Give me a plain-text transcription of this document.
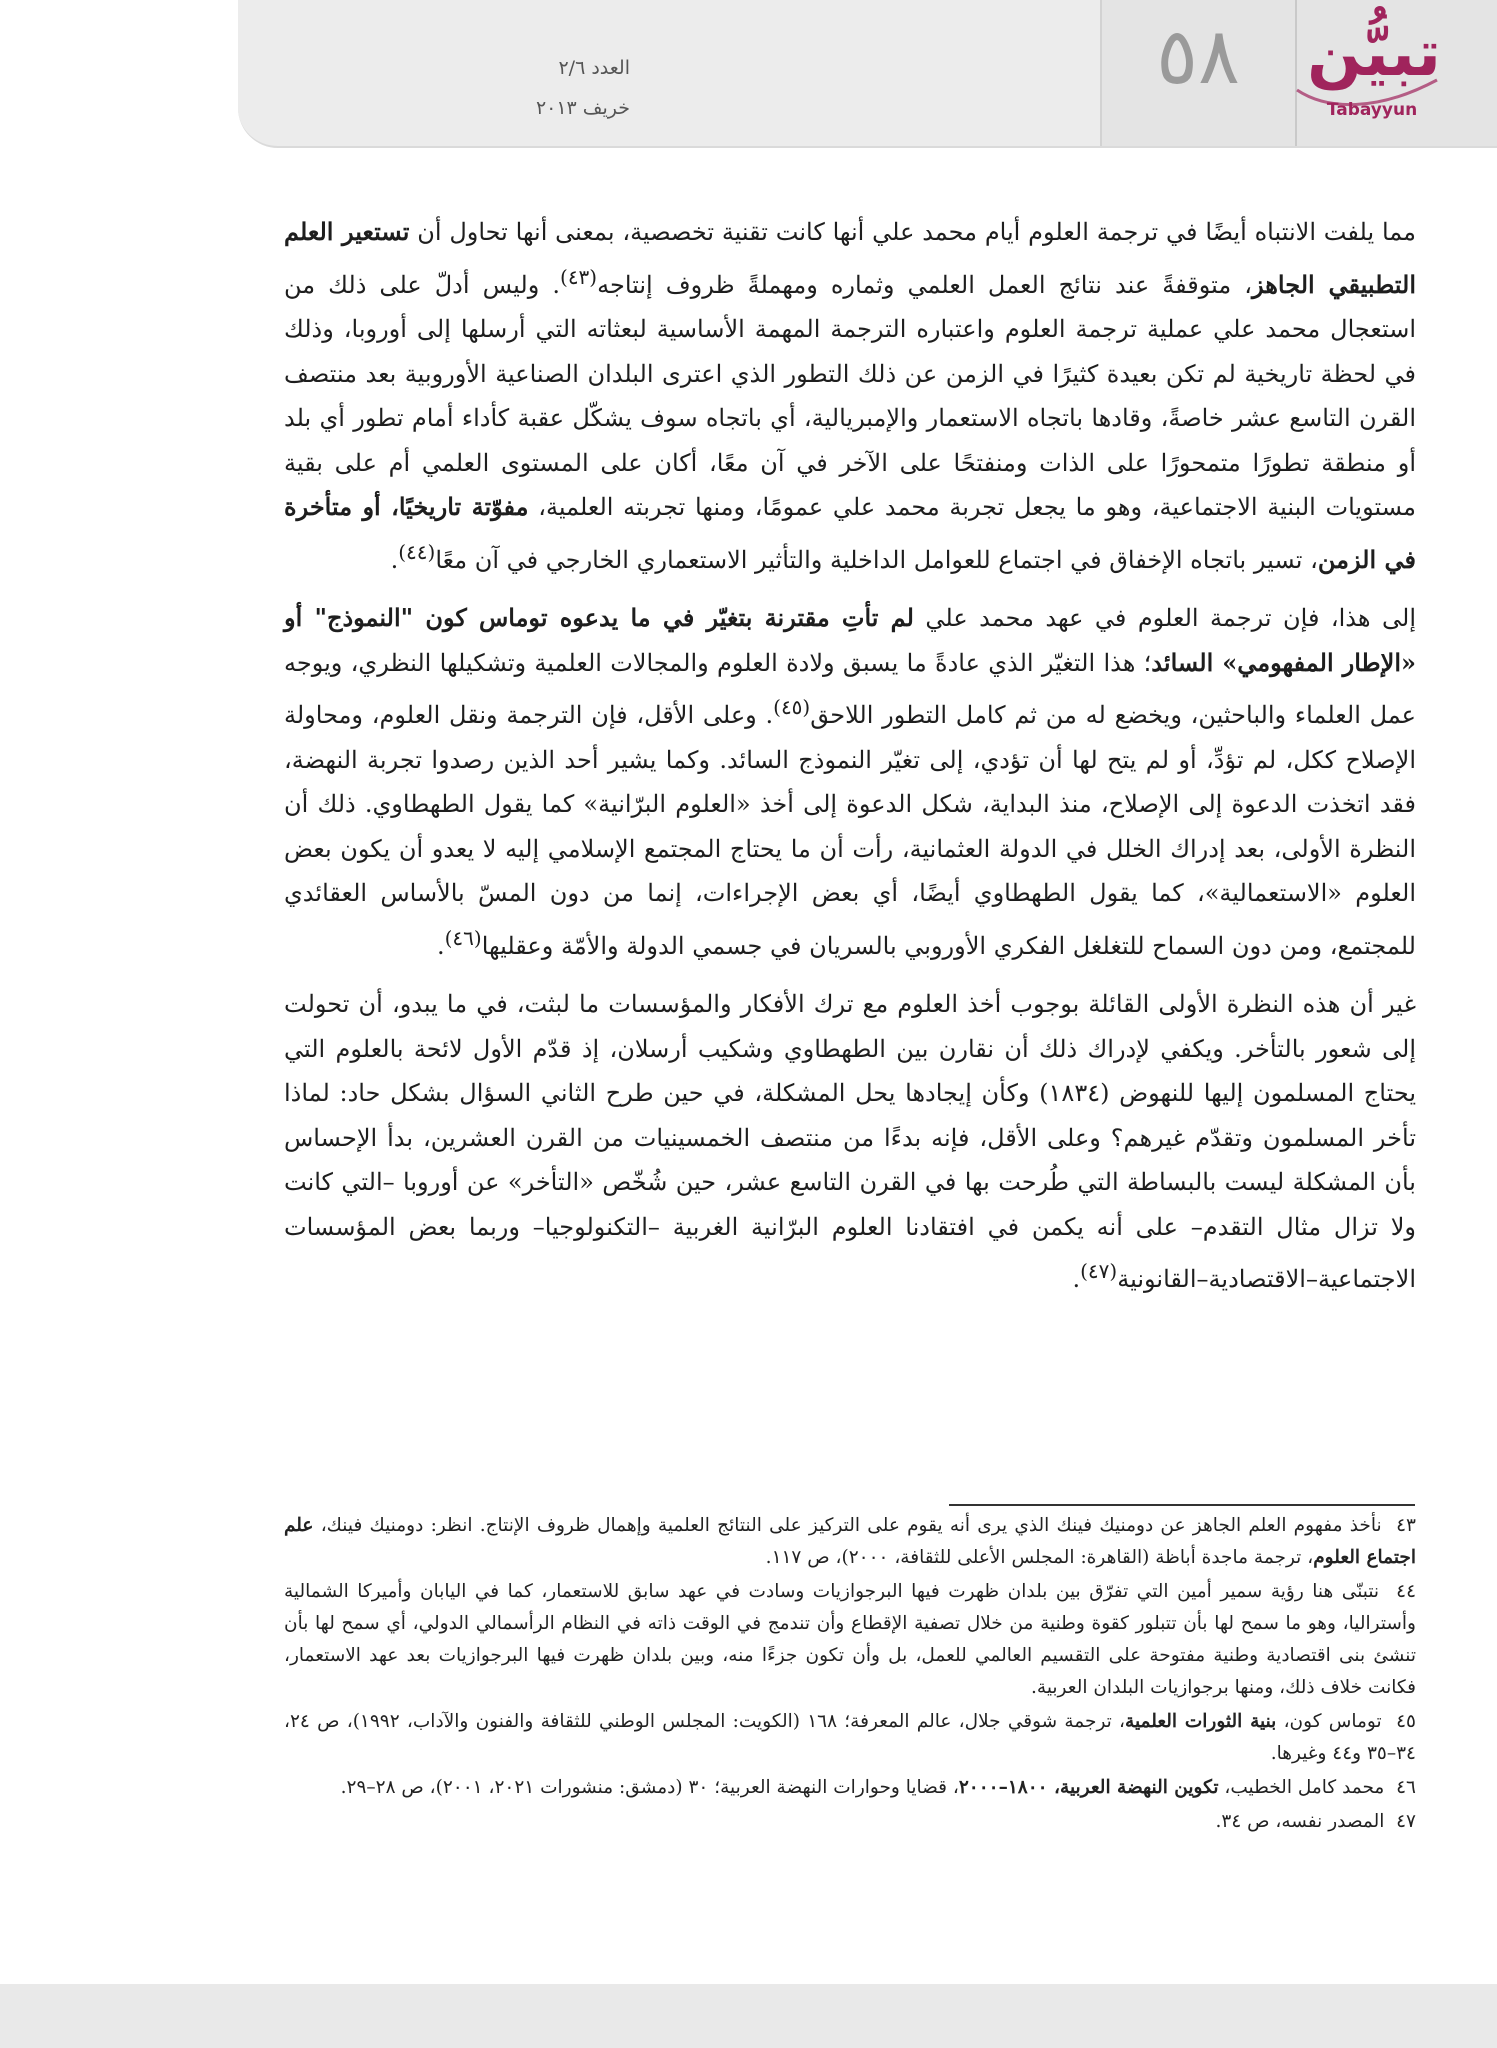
العدد ٢/٦
خريف ٢٠١٣
٥٨	تبيُّن
Tabayyun

مما يلفت الانتباه أيضًا في ترجمة العلوم أيام محمد علي أنها كانت تقنية تخصصية، بمعنى أنها تحاول أن تستعير العلم التطبيقي الجاهز، متوقفةً عند نتائج العمل العلمي وثماره ومهملةً ظروف إنتاجه$^{(٤٣)}$. وليس أدلّ على ذلك من استعجال محمد علي عملية ترجمة العلوم واعتباره الترجمة المهمة الأساسية لبعثاته التي أرسلها إلى أوروبا، وذلك في لحظة تاريخية لم تكن بعيدة كثيرًا في الزمن عن ذلك التطور الذي اعترى البلدان الصناعية الأوروبية بعد منتصف القرن التاسع عشر خاصةً، وقادها باتجاه الاستعمار والإمبريالية، أي باتجاه سوف يشكّل عقبة كأداء أمام تطور أي بلد أو منطقة تطورًا متمحورًا على الذات ومنفتحًا على الآخر في آن معًا، أكان على المستوى العلمي أم على بقية مستويات البنية الاجتماعية، وهو ما يجعل تجربة محمد علي عمومًا، ومنها تجربته العلمية، مفوّتة تاريخيًا، أو متأخرة في الزمن، تسير باتجاه الإخفاق في اجتماع للعوامل الداخلية والتأثير الاستعماري الخارجي في آن معًا$^{(٤٤)}$.

إلى هذا، فإن ترجمة العلوم في عهد محمد علي لم تأتِ مقترنة بتغيّر في ما يدعوه توماس كون "النموذج" أو «الإطار المفهومي» السائد؛ هذا التغيّر الذي عادةً ما يسبق ولادة العلوم والمجالات العلمية وتشكيلها النظري، ويوجه عمل العلماء والباحثين، ويخضع له من ثم كامل التطور اللاحق$^{(٤٥)}$. وعلى الأقل، فإن الترجمة ونقل العلوم، ومحاولة الإصلاح ككل، لم تؤدِّ، أو لم يتح لها أن تؤدي، إلى تغيّر النموذج السائد. وكما يشير أحد الذين رصدوا تجربة النهضة، فقد اتخذت الدعوة إلى الإصلاح، منذ البداية، شكل الدعوة إلى أخذ «العلوم البرّانية» كما يقول الطهطاوي. ذلك أن النظرة الأولى، بعد إدراك الخلل في الدولة العثمانية، رأت أن ما يحتاج المجتمع الإسلامي إليه لا يعدو أن يكون بعض العلوم «الاستعمالية»، كما يقول الطهطاوي أيضًا، أي بعض الإجراءات، إنما من دون المسّ بالأساس العقائدي للمجتمع، ومن دون السماح للتغلغل الفكري الأوروبي بالسريان في جسمي الدولة والأمّة وعقليها$^{(٤٦)}$.

غير أن هذه النظرة الأولى القائلة بوجوب أخذ العلوم مع ترك الأفكار والمؤسسات ما لبثت، في ما يبدو، أن تحولت إلى شعور بالتأخر. ويكفي لإدراك ذلك أن نقارن بين الطهطاوي وشكيب أرسلان، إذ قدّم الأول لائحة بالعلوم التي يحتاج المسلمون إليها للنهوض (١٨٣٤) وكأن إيجادها يحل المشكلة، في حين طرح الثاني السؤال بشكل حاد: لماذا تأخر المسلمون وتقدّم غيرهم؟ وعلى الأقل، فإنه بدءًا من منتصف الخمسينيات من القرن العشرين، بدأ الإحساس بأن المشكلة ليست بالبساطة التي طُرحت بها في القرن التاسع عشر، حين شُخّص «التأخر» عن أوروبا –التي كانت ولا تزال مثال التقدم– على أنه يكمن في افتقادنا العلوم البرّانية الغربية –التكنولوجيا– وربما بعض المؤسسات الاجتماعية–الاقتصادية–القانونية$^{(٤٧)}$.

٤٣  نأخذ مفهوم العلم الجاهز عن دومنيك فينك الذي يرى أنه يقوم على التركيز على النتائج العلمية وإهمال ظروف الإنتاج. انظر: دومنيك فينك، علم اجتماع العلوم، ترجمة ماجدة أباظة (القاهرة: المجلس الأعلى للثقافة، ٢٠٠٠)، ص ١١٧.

٤٤  نتبنّى هنا رؤية سمير أمين التي تفرّق بين بلدان ظهرت فيها البرجوازيات وسادت في عهد سابق للاستعمار، كما في اليابان وأميركا الشمالية وأستراليا، وهو ما سمح لها بأن تتبلور كقوة وطنية من خلال تصفية الإقطاع وأن تندمج في الوقت ذاته في النظام الرأسمالي الدولي، أي سمح لها بأن تنشئ بنى اقتصادية وطنية مفتوحة على التقسيم العالمي للعمل، بل وأن تكون جزءًا منه، وبين بلدان ظهرت فيها البرجوازيات بعد عهد الاستعمار، فكانت خلاف ذلك، ومنها برجوازيات البلدان العربية.

٤٥  توماس كون، بنية الثورات العلمية، ترجمة شوقي جلال، عالم المعرفة؛ ١٦٨ (الكويت: المجلس الوطني للثقافة والفنون والآداب، ١٩٩٢)، ص ٢٤، ٣٤–٣٥ و٤٤ وغيرها.

٤٦  محمد كامل الخطيب، تكوين النهضة العربية، ١٨٠٠–٢٠٠٠، قضايا وحوارات النهضة العربية؛ ٣٠ (دمشق: منشورات ٢٠٢١، ٢٠٠١)، ص ٢٨–٢٩.

٤٧  المصدر نفسه، ص ٣٤.
